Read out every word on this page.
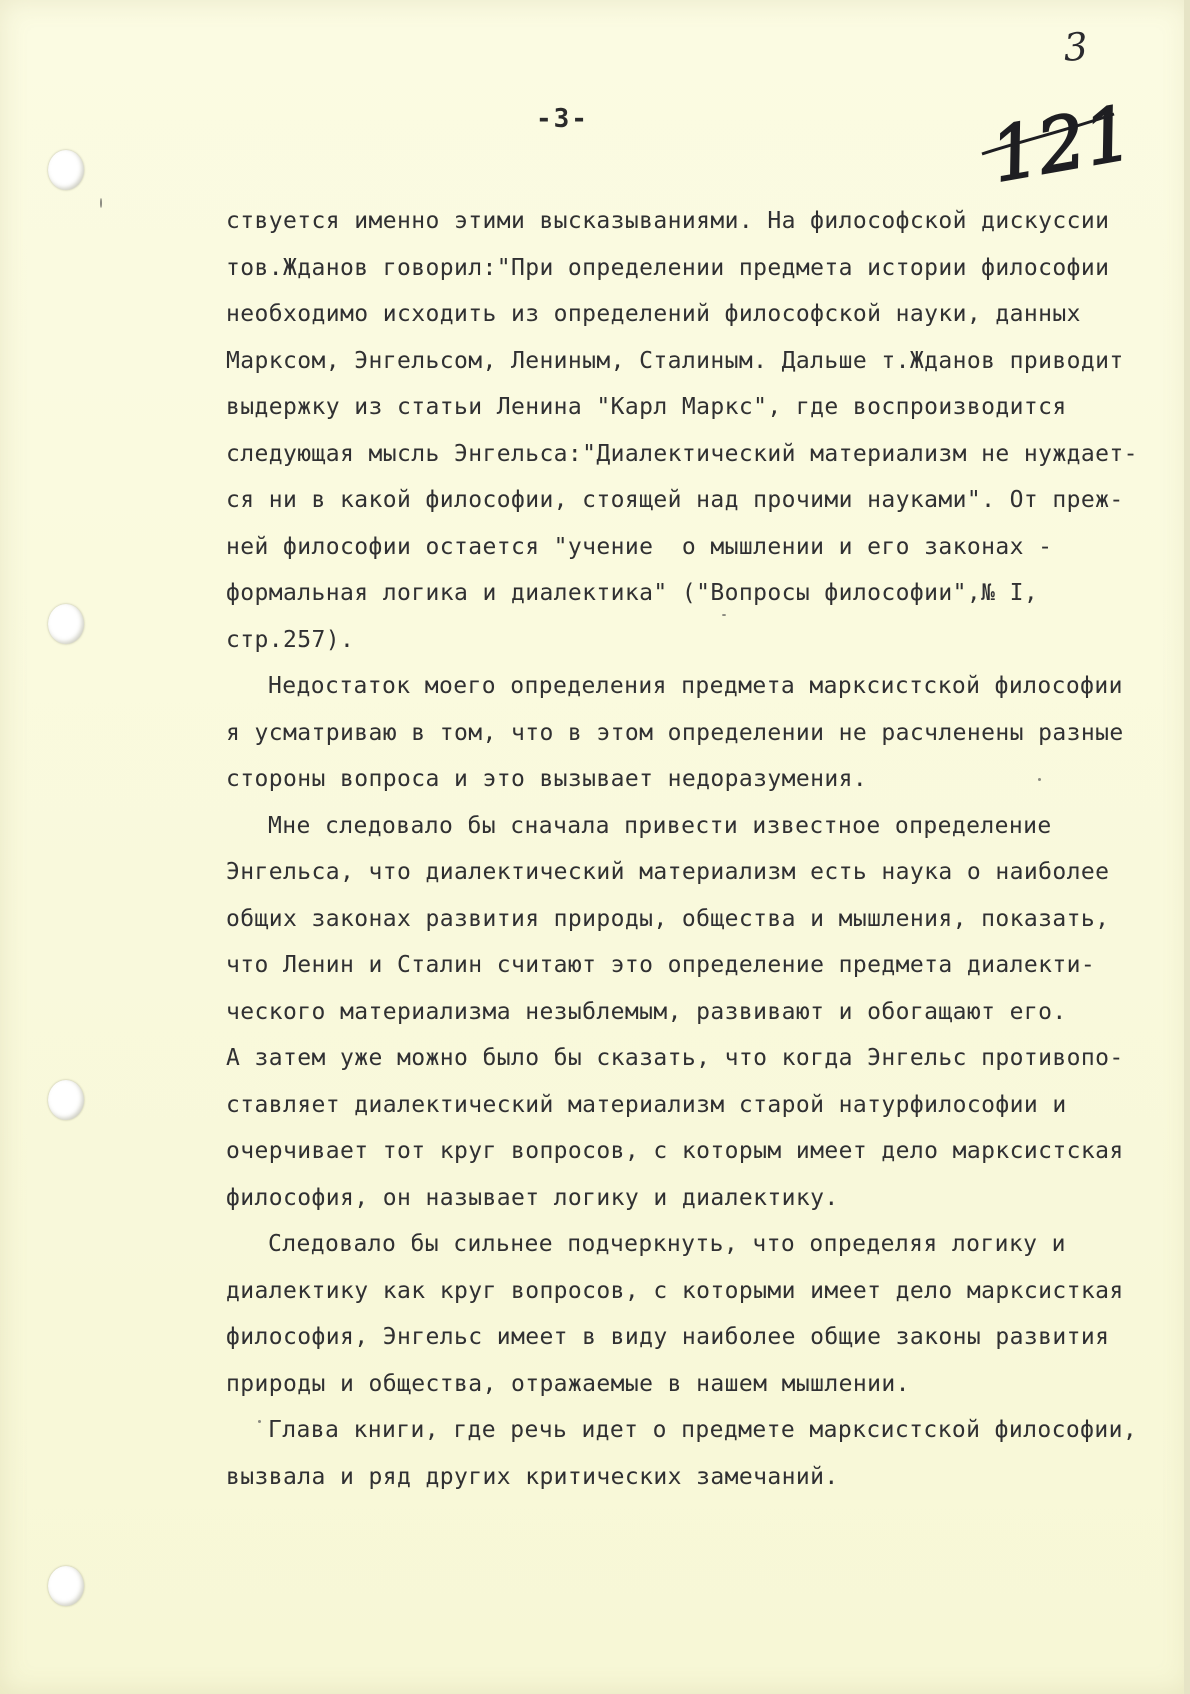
3
121
-3-
ствуется именно этими высказываниями. На философской дискуссии
тов.Жданов говорил:"При определении предмета истории философии
необходимо исходить из определений философской науки, данных
Марксом, Энгельсом, Лениным, Сталиным. Дальше т.Жданов приводит
выдержку из статьи Ленина "Карл Маркс", где воспроизводится
следующая мысль Энгельса:"Диалектический материализм не нуждает-
ся ни в какой философии, стоящей над прочими науками". От преж-
ней философии остается "учение  о мышлении и его законах -
формальная логика и диалектика" ("Вопросы философии",№ I,
стр.257).
Недостаток моего определения предмета марксистской философии
я усматриваю в том, что в этом определении не расчленены разные
стороны вопроса и это вызывает недоразумения.
Мне следовало бы сначала привести известное определение
Энгельса, что диалектический материализм есть наука о наиболее
общих законах развития природы, общества и мышления, показать,
что Ленин и Сталин считают это определение предмета диалекти-
ческого материализма незыблемым, развивают и обогащают его.
А затем уже можно было бы сказать, что когда Энгельс противопо-
ставляет диалектический материализм старой натурфилософии и
очерчивает тот круг вопросов, с которым имеет дело марксистская
философия, он называет логику и диалектику.
Следовало бы сильнее подчеркнуть, что определяя логику и
диалектику как круг вопросов, с которыми имеет дело марксисткая
философия, Энгельс имеет в виду наиболее общие законы развития
природы и общества, отражаемые в нашем мышлении.
Глава книги, где речь идет о предмете марксистской философии,
вызвала и ряд других критических замечаний.
